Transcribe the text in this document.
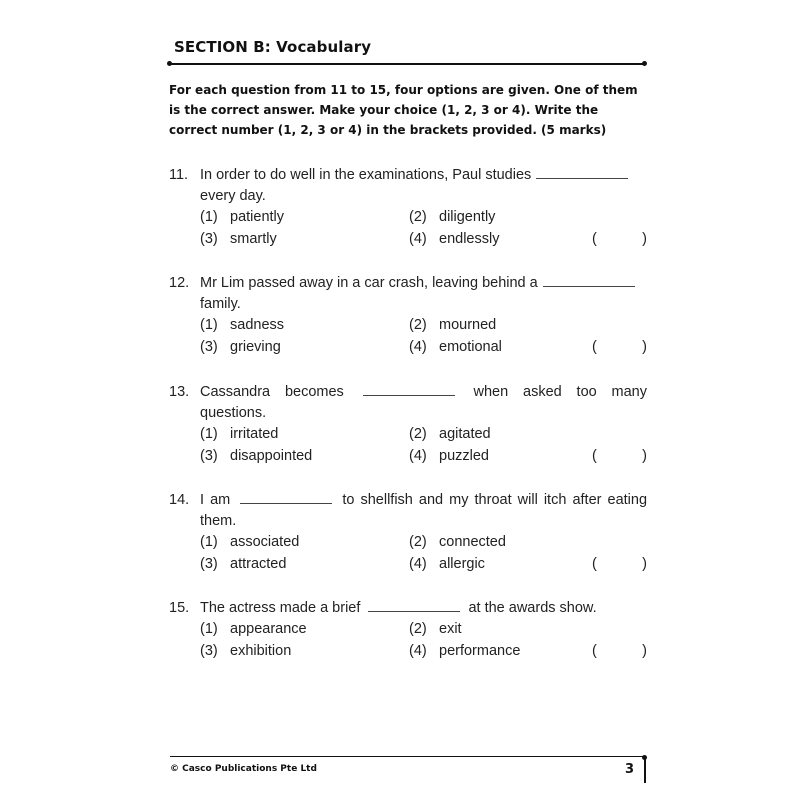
SECTION B: Vocabulary
For each question from 11 to 15, four options are given. One of them is the correct answer. Make your choice (1, 2, 3 or 4). Write the correct number (1, 2, 3 or 4) in the brackets provided. (5 marks)
11. In order to do well in the examinations, Paul studies
every day.
(1) patiently	(2) diligently
(3) smartly	(4) endlessly	(	)
12. Mr Lim passed away in a car crash, leaving behind a
family.
(1) sadness	(2) mourned
(3) grieving	(4) emotional	(	)
13. Cassandra becomes	when asked too many
questions.
(1) irritated	(2) agitated
(3) disappointed	(4) puzzled	(	)
14. I am	to shellfish and my throat will itch after eating
them.
(1) associated	(2) connected
(3) attracted	(4) allergic	(	)
15. The actress made a brief	at the awards show.
(1) appearance	(2) exit
(3) exhibition	(4) performance	(	)
© Casco Publications Pte Ltd	3
